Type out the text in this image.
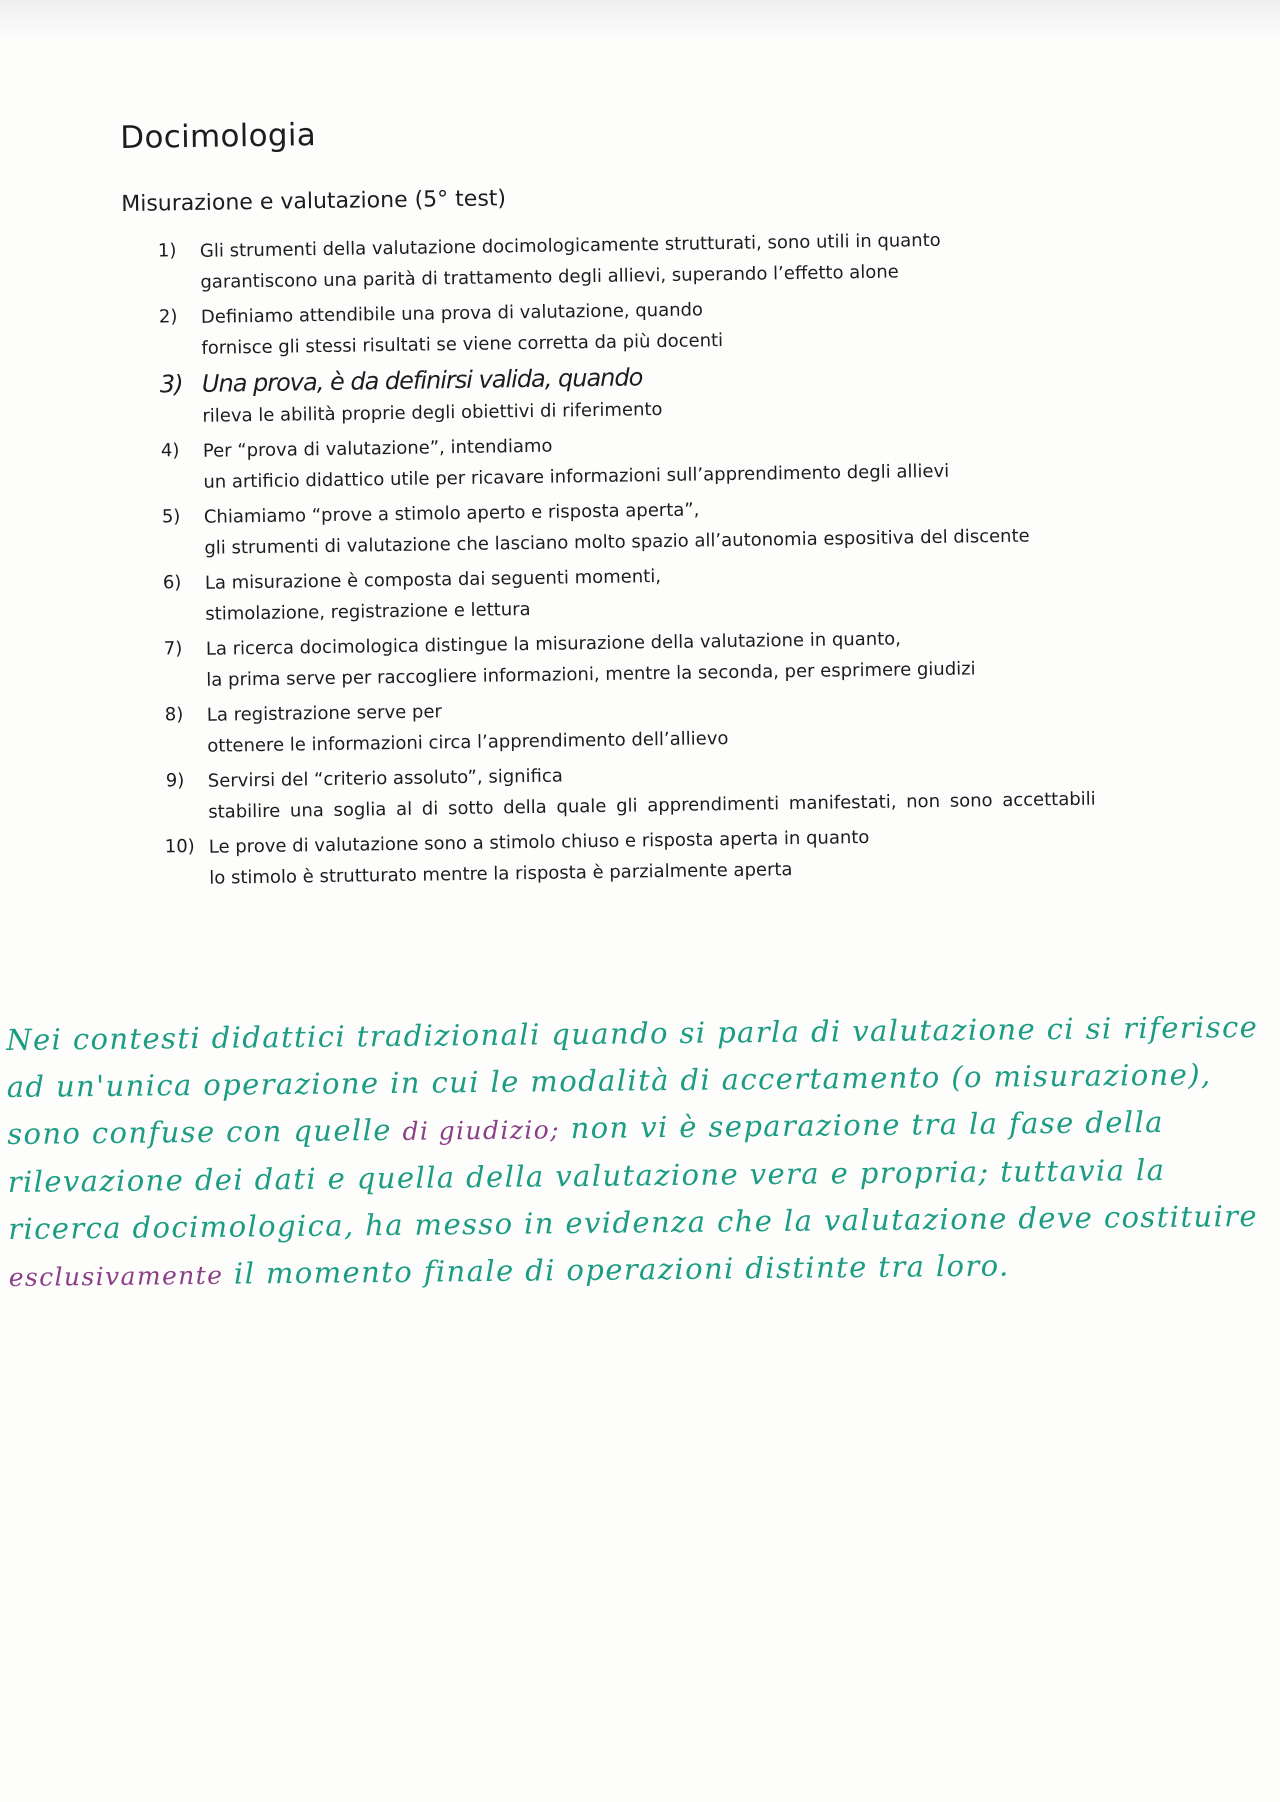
Docimologia
Misurazione e valutazione (5° test)
1) Gli strumenti della valutazione docimologicamente strutturati, sono utili in quanto
garantiscono una parità di trattamento degli allievi, superando l’effetto alone
2) Definiamo attendibile una prova di valutazione, quando
fornisce gli stessi risultati se viene corretta da più docenti
3) Una prova, è da definirsi valida, quando
rileva le abilità proprie degli obiettivi di riferimento
4) Per “prova di valutazione”, intendiamo
un artificio didattico utile per ricavare informazioni sull’apprendimento degli allievi
5) Chiamiamo “prove a stimolo aperto e risposta aperta”,
gli strumenti di valutazione che lasciano molto spazio all’autonomia espositiva del discente
6) La misurazione è composta dai seguenti momenti,
stimolazione, registrazione e lettura
7) La ricerca docimologica distingue la misurazione della valutazione in quanto,
la prima serve per raccogliere informazioni, mentre la seconda, per esprimere giudizi
8) La registrazione serve per
ottenere le informazioni circa l’apprendimento dell’allievo
9) Servirsi del “criterio assoluto”, significa
stabilire una soglia al di sotto della quale gli apprendimenti manifestati, non sono accettabili
10) Le prove di valutazione sono a stimolo chiuso e risposta aperta in quanto
lo stimolo è strutturato mentre la risposta è parzialmente aperta
Nei contesti didattici tradizionali quando si parla di valutazione ci si riferisce ad un'unica operazione in cui le modalità di accertamento (o misurazione), sono confuse con quelle di giudizio; non vi è separazione tra la fase della rilevazione dei dati e quella della valutazione vera e propria; tuttavia la ricerca docimologica, ha messo in evidenza che la valutazione deve costituire esclusivamente il momento finale di operazioni distinte tra loro.
